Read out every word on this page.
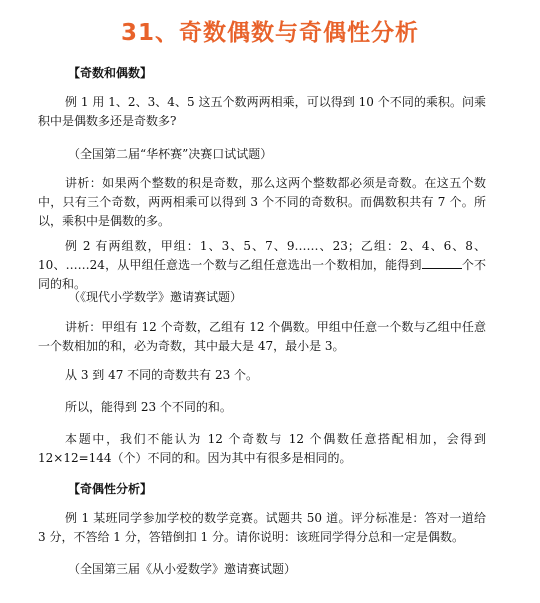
31、奇数偶数与奇偶性分析
【奇数和偶数】
例 1 用 1、2、3、4、5 这五个数两两相乘，可以得到 10 个不同的乘积。问乘积中是偶数多还是奇数多?
（全国第二届“华杯赛”决赛口试试题）
讲析：如果两个整数的积是奇数，那么这两个整数都必须是奇数。在这五个数中，只有三个奇数，两两相乘可以得到 3 个不同的奇数积。而偶数积共有 7 个。所以，乘积中是偶数的多。
例 2 有两组数，甲组：1、3、5、7、9……、23；乙组：2、4、6、8、10、……24，从甲组任意选一个数与乙组任意选出一个数相加，能得到	个不同的和。
（《现代小学数学》邀请赛试题）
讲析：甲组有 12 个奇数，乙组有 12 个偶数。甲组中任意一个数与乙组中任意一个数相加的和，必为奇数，其中最大是 47，最小是 3。
从 3 到 47 不同的奇数共有 23 个。
所以，能得到 23 个不同的和。
本题中，我们不能认为 12 个奇数与 12 个偶数任意搭配相加，会得到 12×12=144（个）不同的和。因为其中有很多是相同的。
【奇偶性分析】
例 1 某班同学参加学校的数学竞赛。试题共 50 道。评分标准是：答对一道给 3 分，不答给 1 分，答错倒扣 1 分。请你说明：该班同学得分总和一定是偶数。
（全国第三届《从小爱数学》邀请赛试题）
